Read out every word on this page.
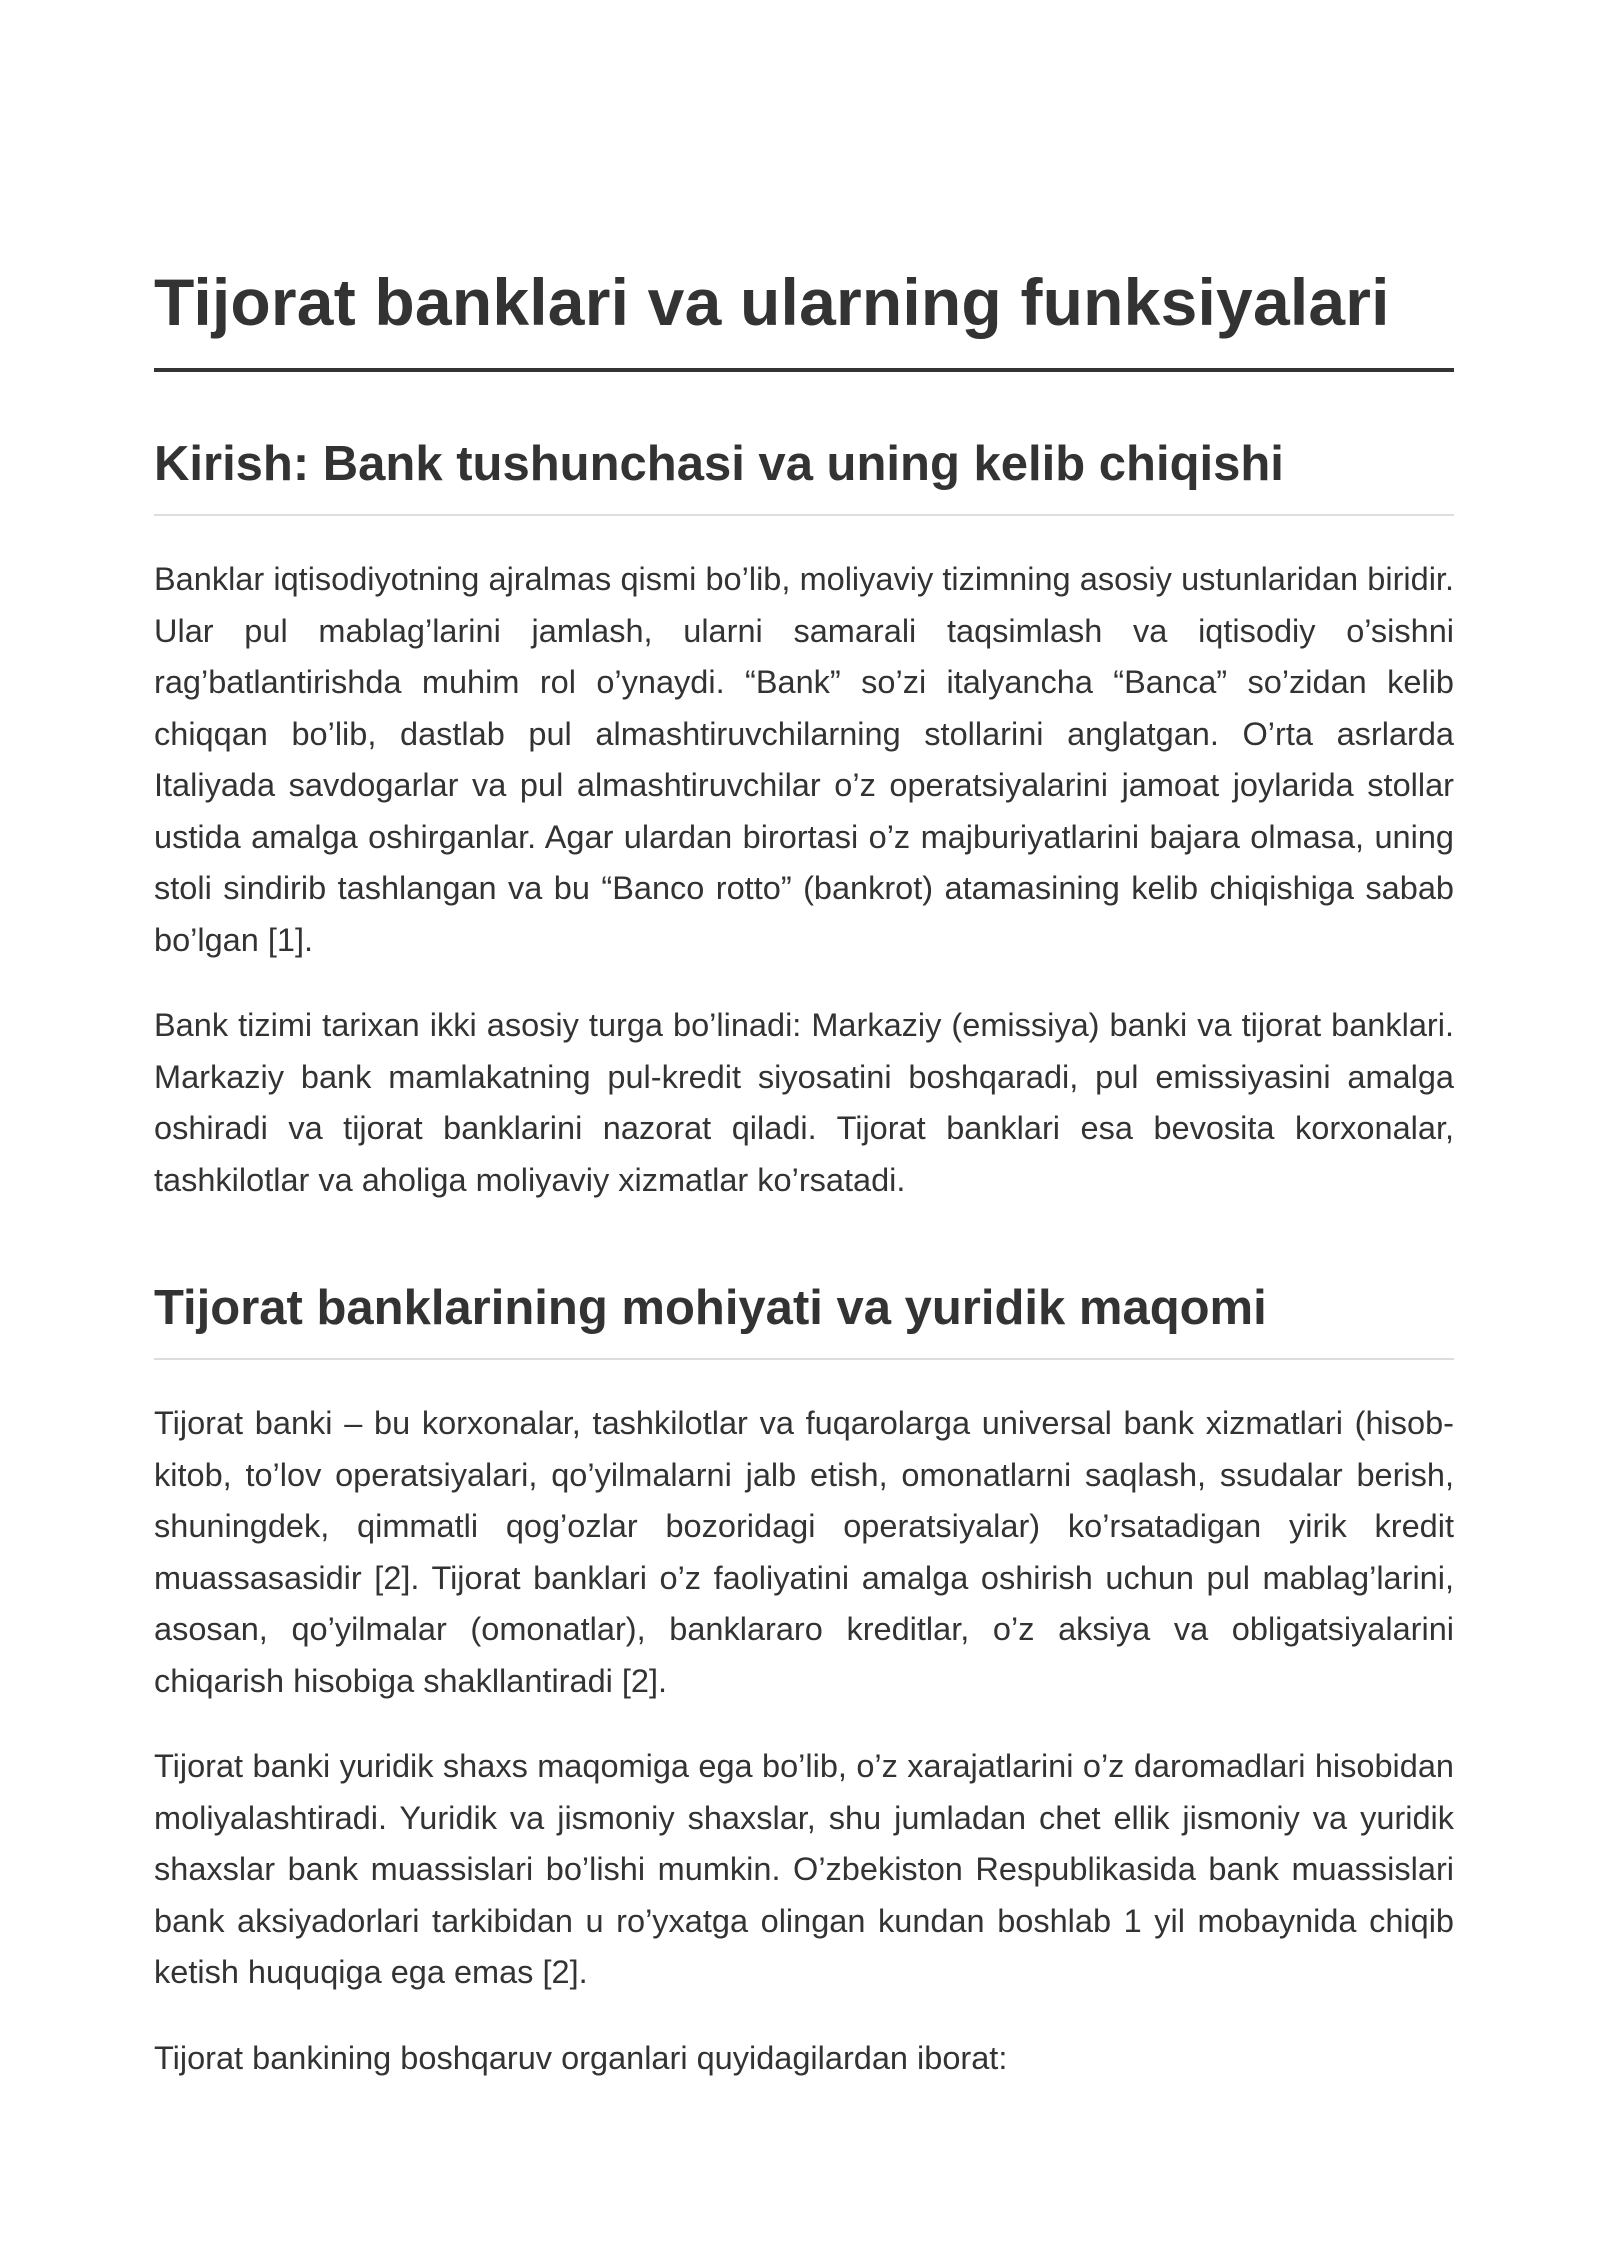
Tijorat banklari va ularning funksiyalari
Kirish: Bank tushunchasi va uning kelib chiqishi

Banklar iqtisodiyotning ajralmas qismi bo’lib, moliyaviy tizimning asosiy ustunlaridan biridir. Ular pul mablag’larini jamlash, ularni samarali taqsimlash va iqtisodiy o’sishni rag’batlantirishda muhim rol o’ynaydi. “Bank” so’zi italyancha “Banca” so’zidan kelib chiqqan bo’lib, dastlab pul almashtiruvchilarning stollarini anglatgan. O’rta asrlarda Italiyada savdogarlar va pul almashtiruvchilar o’z operatsiyalarini jamoat joylarida stollar ustida amalga oshirganlar. Agar ulardan birortasi o’z majburiyatlarini bajara olmasa, uning stoli sindirib tashlangan va bu “Banco rotto” (bankrot) atamasining kelib chiqishiga sabab bo’lgan [1].

Bank tizimi tarixan ikki asosiy turga bo’linadi: Markaziy (emissiya) banki va tijorat banklari. Markaziy bank mamlakatning pul-kredit siyosatini boshqaradi, pul emissiyasini amalga oshiradi va tijorat banklarini nazorat qiladi. Tijorat banklari esa bevosita korxonalar, tashkilotlar va aholiga moliyaviy xizmatlar ko’rsatadi.

Tijorat banklarining mohiyati va yuridik maqomi

Tijorat banki – bu korxonalar, tashkilotlar va fuqarolarga universal bank xizmatlari (hisob-kitob, to’lov operatsiyalari, qo’yilmalarni jalb etish, omonatlarni saqlash, ssudalar berish, shuningdek, qimmatli qog’ozlar bozoridagi operatsiyalar) ko’rsatadigan yirik kredit muassasasidir [2]. Tijorat banklari o’z faoliyatini amalga oshirish uchun pul mablag’larini, asosan, qo’yilmalar (omonatlar), banklararo kreditlar, o’z aksiya va obligatsiyalarini chiqarish hisobiga shakllantiradi [2].

Tijorat banki yuridik shaxs maqomiga ega bo’lib, o’z xarajatlarini o’z daromadlari hisobidan moliyalashtiradi. Yuridik va jismoniy shaxslar, shu jumladan chet ellik jismoniy va yuridik shaxslar bank muassislari bo’lishi mumkin. O’zbekiston Respublikasida bank muassislari bank aksiyadorlari tarkibidan u ro’yxatga olingan kundan boshlab 1 yil mobaynida chiqib ketish huquqiga ega emas [2].

Tijorat bankining boshqaruv organlari quyidagilardan iborat:
